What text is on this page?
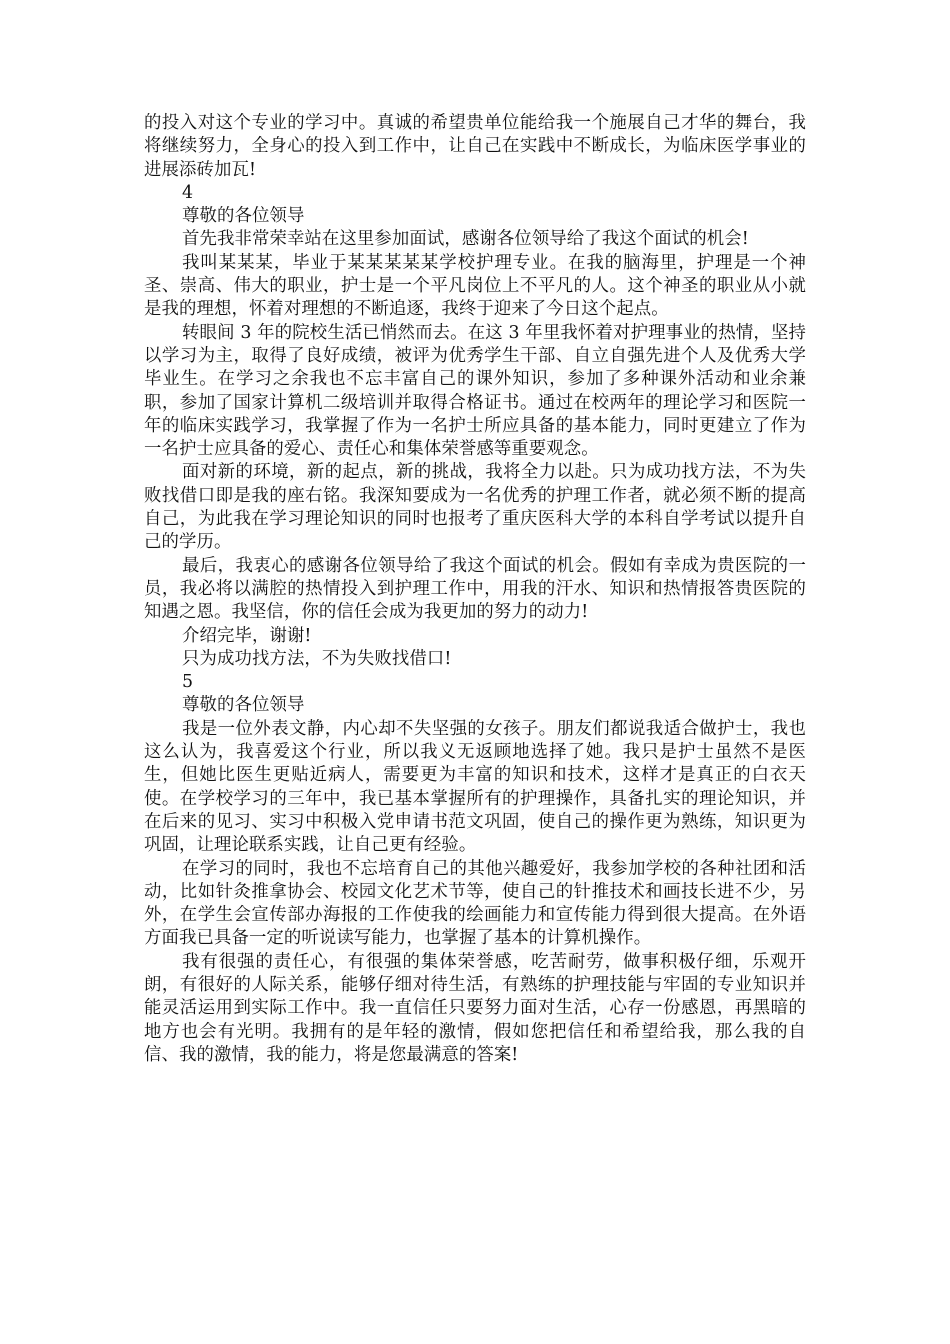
的投入对这个专业的学习中。真诚的希望贵单位能给我一个施展自己才华的舞台，我将继续努力，全身心的投入到工作中，让自己在实践中不断成长，为临床医学事业的进展添砖加瓦!

4

尊敬的各位领导

首先我非常荣幸站在这里参加面试，感谢各位领导给了我这个面试的机会!

我叫某某某，毕业于某某某某某学校护理专业。在我的脑海里，护理是一个神圣、崇高、伟大的职业，护士是一个平凡岗位上不平凡的人。这个神圣的职业从小就是我的理想，怀着对理想的不断追逐，我终于迎来了今日这个起点。

转眼间 3 年的院校生活已悄然而去。在这 3 年里我怀着对护理事业的热情，坚持以学习为主，取得了良好成绩，被评为优秀学生干部、自立自强先进个人及优秀大学毕业生。在学习之余我也不忘丰富自己的课外知识，参加了多种课外活动和业余兼职，参加了国家计算机二级培训并取得合格证书。通过在校两年的理论学习和医院一年的临床实践学习，我掌握了作为一名护士所应具备的基本能力，同时更建立了作为一名护士应具备的爱心、责任心和集体荣誉感等重要观念。

面对新的环境，新的起点，新的挑战，我将全力以赴。只为成功找方法，不为失败找借口即是我的座右铭。我深知要成为一名优秀的护理工作者，就必须不断的提高自己，为此我在学习理论知识的同时也报考了重庆医科大学的本科自学考试以提升自己的学历。

最后，我衷心的感谢各位领导给了我这个面试的机会。假如有幸成为贵医院的一员，我必将以满腔的热情投入到护理工作中，用我的汗水、知识和热情报答贵医院的知遇之恩。我坚信，你的信任会成为我更加的努力的动力!

介绍完毕，谢谢!

只为成功找方法，不为失败找借口!

5

尊敬的各位领导

我是一位外表文静，内心却不失坚强的女孩子。朋友们都说我适合做护士，我也这么认为，我喜爱这个行业，所以我义无返顾地选择了她。我只是护士虽然不是医生，但她比医生更贴近病人，需要更为丰富的知识和技术，这样才是真正的白衣天使。在学校学习的三年中，我已基本掌握所有的护理操作，具备扎实的理论知识，并在后来的见习、实习中积极入党申请书范文巩固，使自己的操作更为熟练，知识更为巩固，让理论联系实践，让自己更有经验。

在学习的同时，我也不忘培育自己的其他兴趣爱好，我参加学校的各种社团和活动，比如针灸推拿协会、校园文化艺术节等，使自己的针推技术和画技长进不少，另外，在学生会宣传部办海报的工作使我的绘画能力和宣传能力得到很大提高。在外语方面我已具备一定的听说读写能力，也掌握了基本的计算机操作。

我有很强的责任心，有很强的集体荣誉感，吃苦耐劳，做事积极仔细，乐观开朗，有很好的人际关系，能够仔细对待生活，有熟练的护理技能与牢固的专业知识并能灵活运用到实际工作中。我一直信任只要努力面对生活，心存一份感恩，再黑暗的地方也会有光明。我拥有的是年轻的激情，假如您把信任和希望给我，那么我的自信、我的激情，我的能力，将是您最满意的答案!
